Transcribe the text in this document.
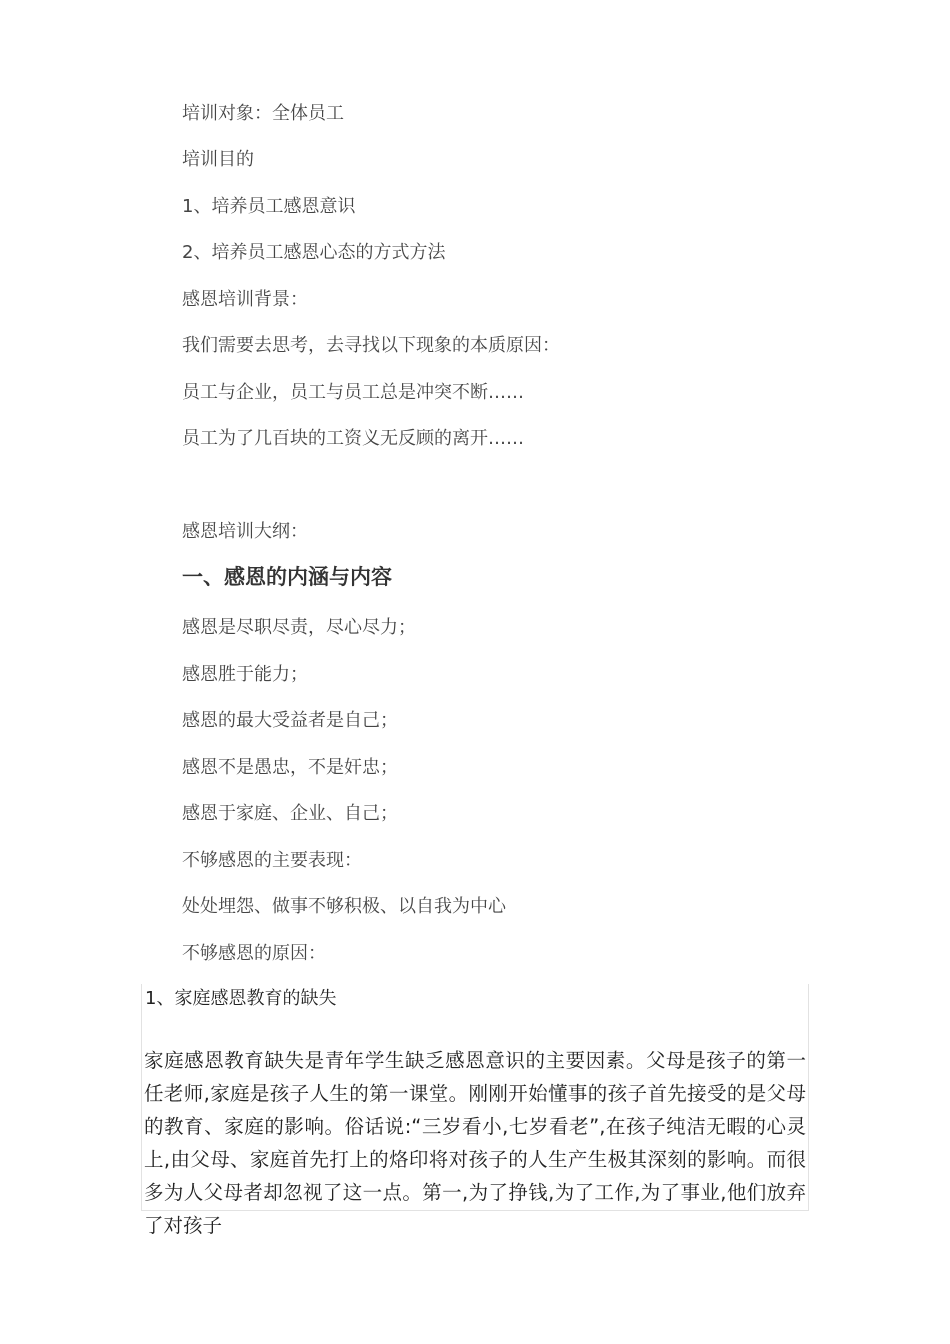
培训对象：全体员工
培训目的
1、培养员工感恩意识
2、培养员工感恩心态的方式方法
感恩培训背景：
我们需要去思考，去寻找以下现象的本质原因：
员工与企业，员工与员工总是冲突不断……
员工为了几百块的工资义无反顾的离开……
感恩培训大纲：
一、感恩的内涵与内容
感恩是尽职尽责，尽心尽力；
感恩胜于能力；
感恩的最大受益者是自己；
感恩不是愚忠，不是奸忠；
感恩于家庭、企业、自己；
不够感恩的主要表现：
处处埋怨、做事不够积极、以自我为中心
不够感恩的原因：
1、家庭感恩教育的缺失
家庭感恩教育缺失是青年学生缺乏感恩意识的主要因素。父母是孩子的第一任老师,家庭是孩子人生的第一课堂。刚刚开始懂事的孩子首先接受的是父母的教育、家庭的影响。俗话说:“三岁看小,七岁看老”,在孩子纯洁无暇的心灵上,由父母、家庭首先打上的烙印将对孩子的人生产生极其深刻的影响。而很多为人父母者却忽视了这一点。第一,为了挣钱,为了工作,为了事业,他们放弃了对孩子
